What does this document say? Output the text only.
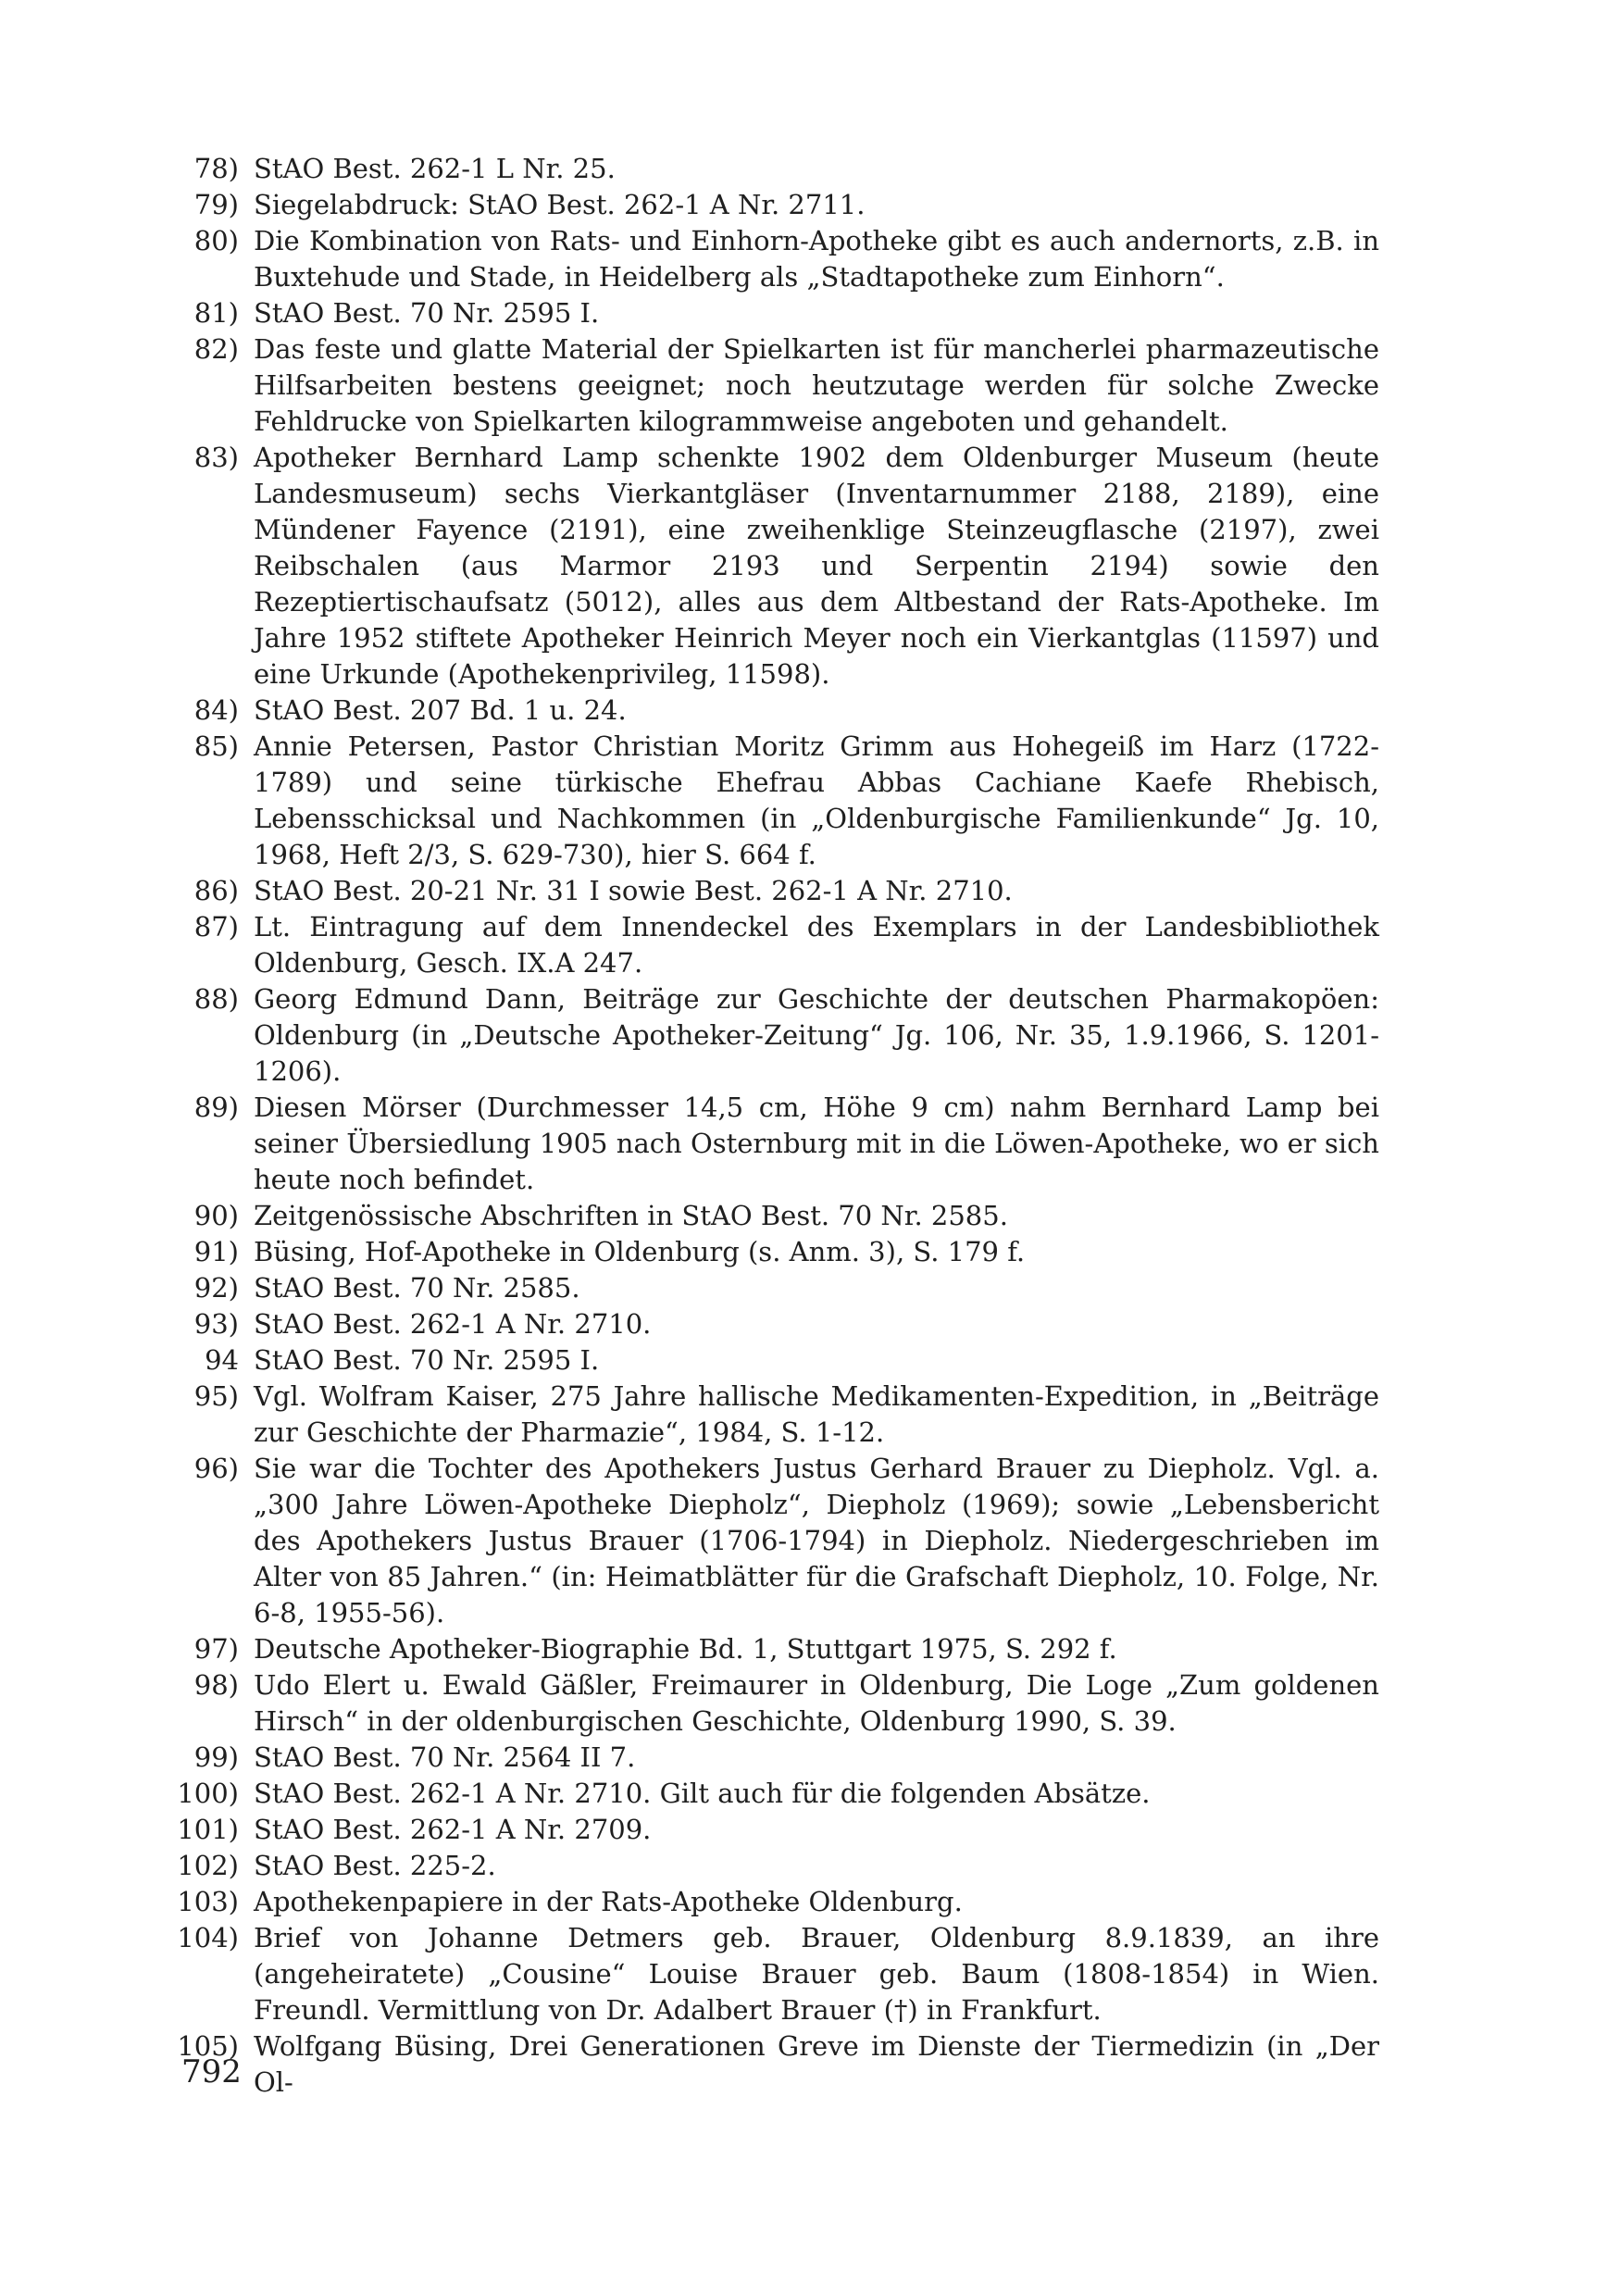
78) StAO Best. 262-1 L Nr. 25.
79) Siegelabdruck: StAO Best. 262-1 A Nr. 2711.
80) Die Kombination von Rats- und Einhorn-Apotheke gibt es auch andernorts, z.B. in Buxtehude und Stade, in Heidelberg als „Stadtapotheke zum Einhorn“.
81) StAO Best. 70 Nr. 2595 I.
82) Das feste und glatte Material der Spielkarten ist für mancherlei pharmazeutische Hilfsarbeiten bestens geeignet; noch heutzutage werden für solche Zwecke Fehldrucke von Spielkarten kilogrammweise angeboten und gehandelt.
83) Apotheker Bernhard Lamp schenkte 1902 dem Oldenburger Museum (heute Landesmuseum) sechs Vierkantgläser (Inventarnummer 2188, 2189), eine Mündener Fayence (2191), eine zweihenklige Steinzeugflasche (2197), zwei Reibschalen (aus Marmor 2193 und Serpentin 2194) sowie den Rezeptiertischaufsatz (5012), alles aus dem Altbestand der Rats-Apotheke. Im Jahre 1952 stiftete Apotheker Heinrich Meyer noch ein Vierkantglas (11597) und eine Urkunde (Apothekenprivileg, 11598).
84) StAO Best. 207 Bd. 1 u. 24.
85) Annie Petersen, Pastor Christian Moritz Grimm aus Hohegeiß im Harz (1722-1789) und seine türkische Ehefrau Abbas Cachiane Kaefe Rhebisch, Lebensschicksal und Nachkommen (in „Oldenburgische Familienkunde“ Jg. 10, 1968, Heft 2/3, S. 629-730), hier S. 664 f.
86) StAO Best. 20-21 Nr. 31 I sowie Best. 262-1 A Nr. 2710.
87) Lt. Eintragung auf dem Innendeckel des Exemplars in der Landesbibliothek Oldenburg, Gesch. IX.A 247.
88) Georg Edmund Dann, Beiträge zur Geschichte der deutschen Pharmakopöen: Oldenburg (in „Deutsche Apotheker-Zeitung“ Jg. 106, Nr. 35, 1.9.1966, S. 1201-1206).
89) Diesen Mörser (Durchmesser 14,5 cm, Höhe 9 cm) nahm Bernhard Lamp bei seiner Übersiedlung 1905 nach Osternburg mit in die Löwen-Apotheke, wo er sich heute noch befindet.
90) Zeitgenössische Abschriften in StAO Best. 70 Nr. 2585.
91) Büsing, Hof-Apotheke in Oldenburg (s. Anm. 3), S. 179 f.
92) StAO Best. 70 Nr. 2585.
93) StAO Best. 262-1 A Nr. 2710.
94 StAO Best. 70 Nr. 2595 I.
95) Vgl. Wolfram Kaiser, 275 Jahre hallische Medikamenten-Expedition, in „Beiträge zur Geschichte der Pharmazie“, 1984, S. 1-12.
96) Sie war die Tochter des Apothekers Justus Gerhard Brauer zu Diepholz. Vgl. a. „300 Jahre Löwen-Apotheke Diepholz“, Diepholz (1969); sowie „Lebensbericht des Apothekers Justus Brauer (1706-1794) in Diepholz. Niedergeschrieben im Alter von 85 Jahren.“ (in: Heimatblätter für die Grafschaft Diepholz, 10. Folge, Nr. 6-8, 1955-56).
97) Deutsche Apotheker-Biographie Bd. 1, Stuttgart 1975, S. 292 f.
98) Udo Elert u. Ewald Gäßler, Freimaurer in Oldenburg, Die Loge „Zum goldenen Hirsch“ in der oldenburgischen Geschichte, Oldenburg 1990, S. 39.
99) StAO Best. 70 Nr. 2564 II 7.
100) StAO Best. 262-1 A Nr. 2710. Gilt auch für die folgenden Absätze.
101) StAO Best. 262-1 A Nr. 2709.
102) StAO Best. 225-2.
103) Apothekenpapiere in der Rats-Apotheke Oldenburg.
104) Brief von Johanne Detmers geb. Brauer, Oldenburg 8.9.1839, an ihre (angeheiratete) „Cousine“ Louise Brauer geb. Baum (1808-1854) in Wien. Freundl. Vermittlung von Dr. Adalbert Brauer (†) in Frankfurt.
105) Wolfgang Büsing, Drei Generationen Greve im Dienste der Tiermedizin (in „Der Ol-
792
